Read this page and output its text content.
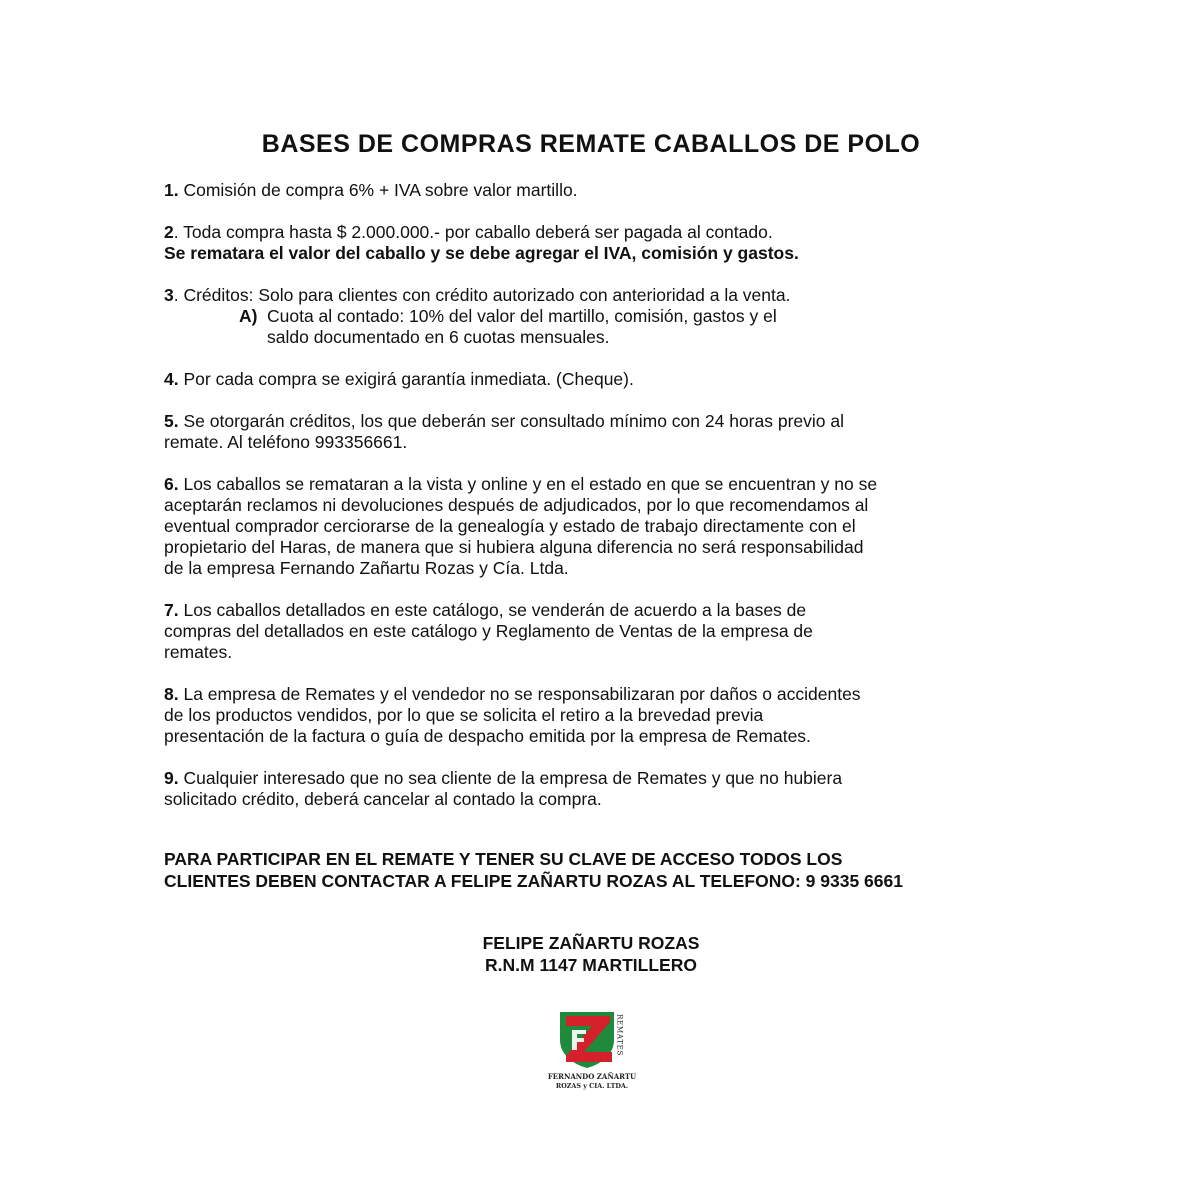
BASES DE COMPRAS REMATE CABALLOS DE POLO
1. Comisión de compra 6% + IVA sobre valor martillo.
2. Toda compra hasta $ 2.000.000.- por caballo deberá ser pagada al contado.
Se rematara el valor del caballo y se debe agregar el IVA, comisión y gastos.
3. Créditos: Solo para clientes con crédito autorizado con anterioridad a la venta.
A) Cuota al contado: 10% del valor del martillo, comisión, gastos y el
saldo documentado en 6 cuotas mensuales.
4. Por cada compra se exigirá garantía inmediata. (Cheque).
5. Se otorgarán créditos, los que deberán ser consultado mínimo con 24 horas previo al
remate. Al teléfono 993356661.
6. Los caballos se remataran a la vista y online y en el estado en que se encuentran y no se
aceptarán reclamos ni devoluciones después de adjudicados, por lo que recomendamos al
eventual comprador cerciorarse de la genealogía y estado de trabajo directamente con el
propietario del Haras, de manera que si hubiera alguna diferencia no será responsabilidad
de la empresa Fernando Zañartu Rozas y Cía. Ltda.
7. Los caballos detallados en este catálogo, se venderán de acuerdo a la bases de
compras del detallados en este catálogo y Reglamento de Ventas de la empresa de
remates.
8. La empresa de Remates y el vendedor no se responsabilizaran por daños o accidentes
de los productos vendidos, por lo que se solicita el retiro a la brevedad previa
presentación de la factura o guía de despacho emitida por la empresa de Remates.
9. Cualquier interesado que no sea cliente de la empresa de Remates y que no hubiera
solicitado crédito, deberá cancelar al contado la compra.
PARA PARTICIPAR EN EL REMATE Y TENER SU CLAVE DE ACCESO TODOS LOS
CLIENTES DEBEN CONTACTAR A FELIPE ZAÑARTU ROZAS AL TELEFONO: 9 9335 6661
FELIPE ZAÑARTU ROZAS
R.N.M 1147 MARTILLERO
REMATES
FERNANDO ZAÑARTU
ROZAS y CIA. LTDA.
